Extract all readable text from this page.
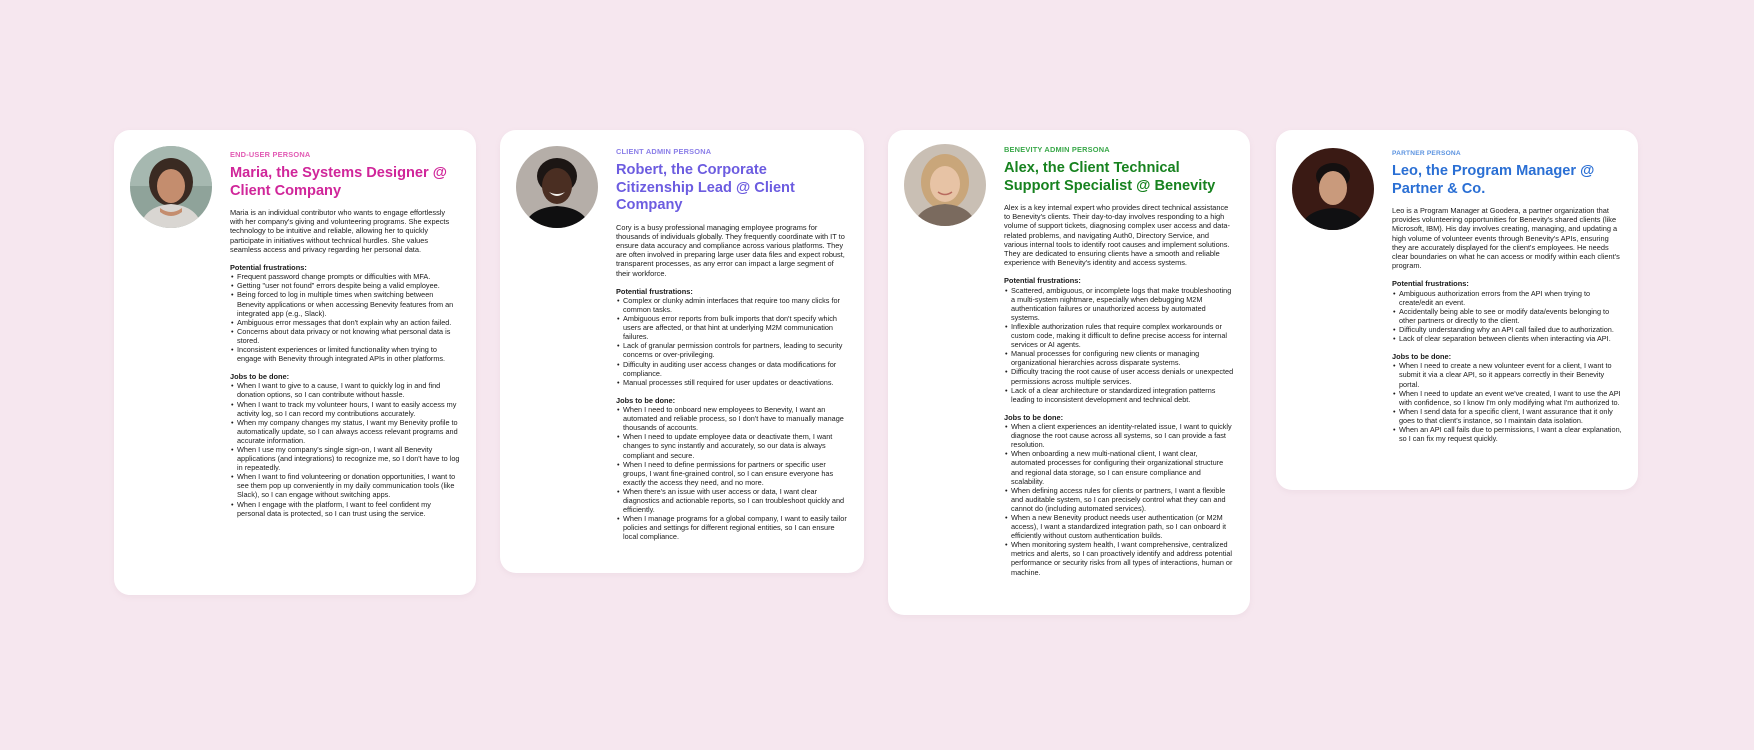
END-USER PERSONA
Maria, the Systems Designer @ Client Company
Maria is an individual contributor who wants to engage effortlessly with her company's giving and volunteering programs. She expects technology to be intuitive and reliable, allowing her to quickly participate in initiatives without technical hurdles. She values seamless access and privacy regarding her personal data.
Potential frustrations:
• Frequent password change prompts or difficulties with MFA.
• Getting "user not found" errors despite being a valid employee.
• Being forced to log in multiple times when switching between Benevity applications or when accessing Benevity features from an integrated app (e.g., Slack).
• Ambiguous error messages that don't explain why an action failed.
• Concerns about data privacy or not knowing what personal data is stored.
• Inconsistent experiences or limited functionality when trying to engage with Benevity through integrated APIs in other platforms.
Jobs to be done:
• When I want to give to a cause, I want to quickly log in and find donation options, so I can contribute without hassle.
• When I want to track my volunteer hours, I want to easily access my activity log, so I can record my contributions accurately.
• When my company changes my status, I want my Benevity profile to automatically update, so I can always access relevant programs and accurate information.
• When I use my company's single sign-on, I want all Benevity applications (and integrations) to recognize me, so I don't have to log in repeatedly.
• When I want to find volunteering or donation opportunities, I want to see them pop up conveniently in my daily communication tools (like Slack), so I can engage without switching apps.
• When I engage with the platform, I want to feel confident my personal data is protected, so I can trust using the service.
CLIENT ADMIN PERSONA
Robert, the Corporate Citizenship Lead @ Client Company
Cory is a busy professional managing employee programs for thousands of individuals globally. They frequently coordinate with IT to ensure data accuracy and compliance across various platforms. They are often involved in preparing large user data files and expect robust, transparent processes, as any error can impact a large segment of their workforce.
Potential frustrations:
• Complex or clunky admin interfaces that require too many clicks for common tasks.
• Ambiguous error reports from bulk imports that don't specify which users are affected, or that hint at underlying M2M communication failures.
• Lack of granular permission controls for partners, leading to security concerns or over-privileging.
• Difficulty in auditing user access changes or data modifications for compliance.
• Manual processes still required for user updates or deactivations.
Jobs to be done:
• When I need to onboard new employees to Benevity, I want an automated and reliable process, so I don't have to manually manage thousands of accounts.
• When I need to update employee data or deactivate them, I want changes to sync instantly and accurately, so our data is always compliant and secure.
• When I need to define permissions for partners or specific user groups, I want fine-grained control, so I can ensure everyone has exactly the access they need, and no more.
• When there's an issue with user access or data, I want clear diagnostics and actionable reports, so I can troubleshoot quickly and efficiently.
• When I manage programs for a global company, I want to easily tailor policies and settings for different regional entities, so I can ensure local compliance.
BENEVITY ADMIN PERSONA
Alex, the Client Technical Support Specialist @ Benevity
Alex is a key internal expert who provides direct technical assistance to Benevity's clients. Their day-to-day involves responding to a high volume of support tickets, diagnosing complex user access and data-related problems, and navigating Auth0, Directory Service, and various internal tools to identify root causes and implement solutions. They are dedicated to ensuring clients have a smooth and reliable experience with Benevity's identity and access systems.
Potential frustrations:
• Scattered, ambiguous, or incomplete logs that make troubleshooting a multi-system nightmare, especially when debugging M2M authentication failures or unauthorized access by automated systems.
• Inflexible authorization rules that require complex workarounds or custom code, making it difficult to define precise access for internal services or AI agents.
• Manual processes for configuring new clients or managing organizational hierarchies across disparate systems.
• Difficulty tracing the root cause of user access denials or unexpected permissions across multiple services.
• Lack of a clear architecture or standardized integration patterns leading to inconsistent development and technical debt.
Jobs to be done:
• When a client experiences an identity-related issue, I want to quickly diagnose the root cause across all systems, so I can provide a fast resolution.
• When onboarding a new multi-national client, I want clear, automated processes for configuring their organizational structure and regional data storage, so I can ensure compliance and scalability.
• When defining access rules for clients or partners, I want a flexible and auditable system, so I can precisely control what they can and cannot do (including automated services).
• When a new Benevity product needs user authentication (or M2M access), I want a standardized integration path, so I can onboard it efficiently without custom authentication builds.
• When monitoring system health, I want comprehensive, centralized metrics and alerts, so I can proactively identify and address potential performance or security risks from all types of interactions, human or machine.
PARTNER PERSONA
Leo, the Program Manager @ Partner & Co.
Leo is a Program Manager at Goodera, a partner organization that provides volunteering opportunities for Benevity's shared clients (like Microsoft, IBM). His day involves creating, managing, and updating a high volume of volunteer events through Benevity's APIs, ensuring they are accurately displayed for the client's employees. He needs clear boundaries on what he can access or modify within each client's program.
Potential frustrations:
• Ambiguous authorization errors from the API when trying to create/edit an event.
• Accidentally being able to see or modify data/events belonging to other partners or directly to the client.
• Difficulty understanding why an API call failed due to authorization.
• Lack of clear separation between clients when interacting via API.
Jobs to be done:
• When I need to create a new volunteer event for a client, I want to submit it via a clear API, so it appears correctly in their Benevity portal.
• When I need to update an event we've created, I want to use the API with confidence, so I know I'm only modifying what I'm authorized to.
• When I send data for a specific client, I want assurance that it only goes to that client's instance, so I maintain data isolation.
• When an API call fails due to permissions, I want a clear explanation, so I can fix my request quickly.
